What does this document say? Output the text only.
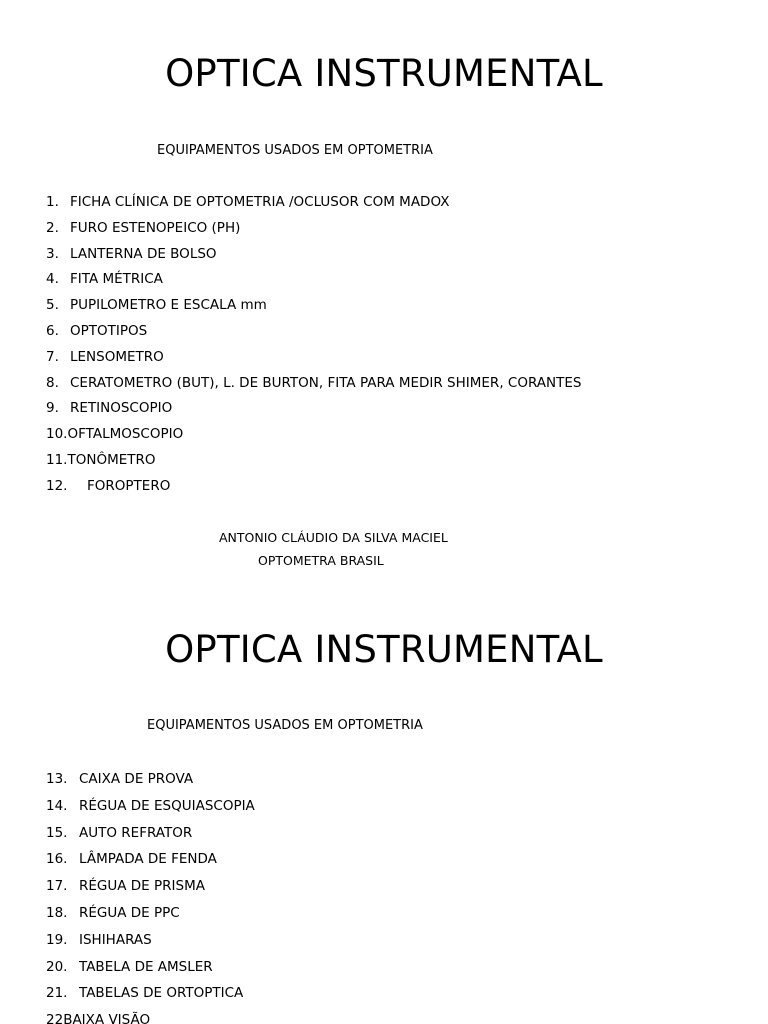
OPTICA INSTRUMENTAL
EQUIPAMENTOS USADOS EM OPTOMETRIA
1. FICHA CLÍNICA DE OPTOMETRIA /OCLUSOR COM MADOX
2. FURO ESTENOPEICO (PH)
3. LANTERNA DE BOLSO
4. FITA MÉTRICA
5. PUPILOMETRO E ESCALA mm
6. OPTOTIPOS
7. LENSOMETRO
8. CERATOMETRO (BUT), L. DE BURTON, FITA PARA MEDIR SHIMER, CORANTES
9. RETINOSCOPIO
10.OFTALMOSCOPIO
11.TONÔMETRO
12. FOROPTERO

ANTONIO CLÁUDIO DA SILVA MACIEL

OPTOMETRA BRASIL

OPTICA INSTRUMENTAL
EQUIPAMENTOS USADOS EM OPTOMETRIA
13. CAIXA DE PROVA
14. RÉGUA DE ESQUIASCOPIA
15. AUTO REFRATOR
16. LÂMPADA DE FENDA
17. RÉGUA DE PRISMA
18. RÉGUA DE PPC
19. ISHIHARAS
20. TABELA DE AMSLER
21. TABELAS DE ORTOPTICA
22BAIXA VISÃO
